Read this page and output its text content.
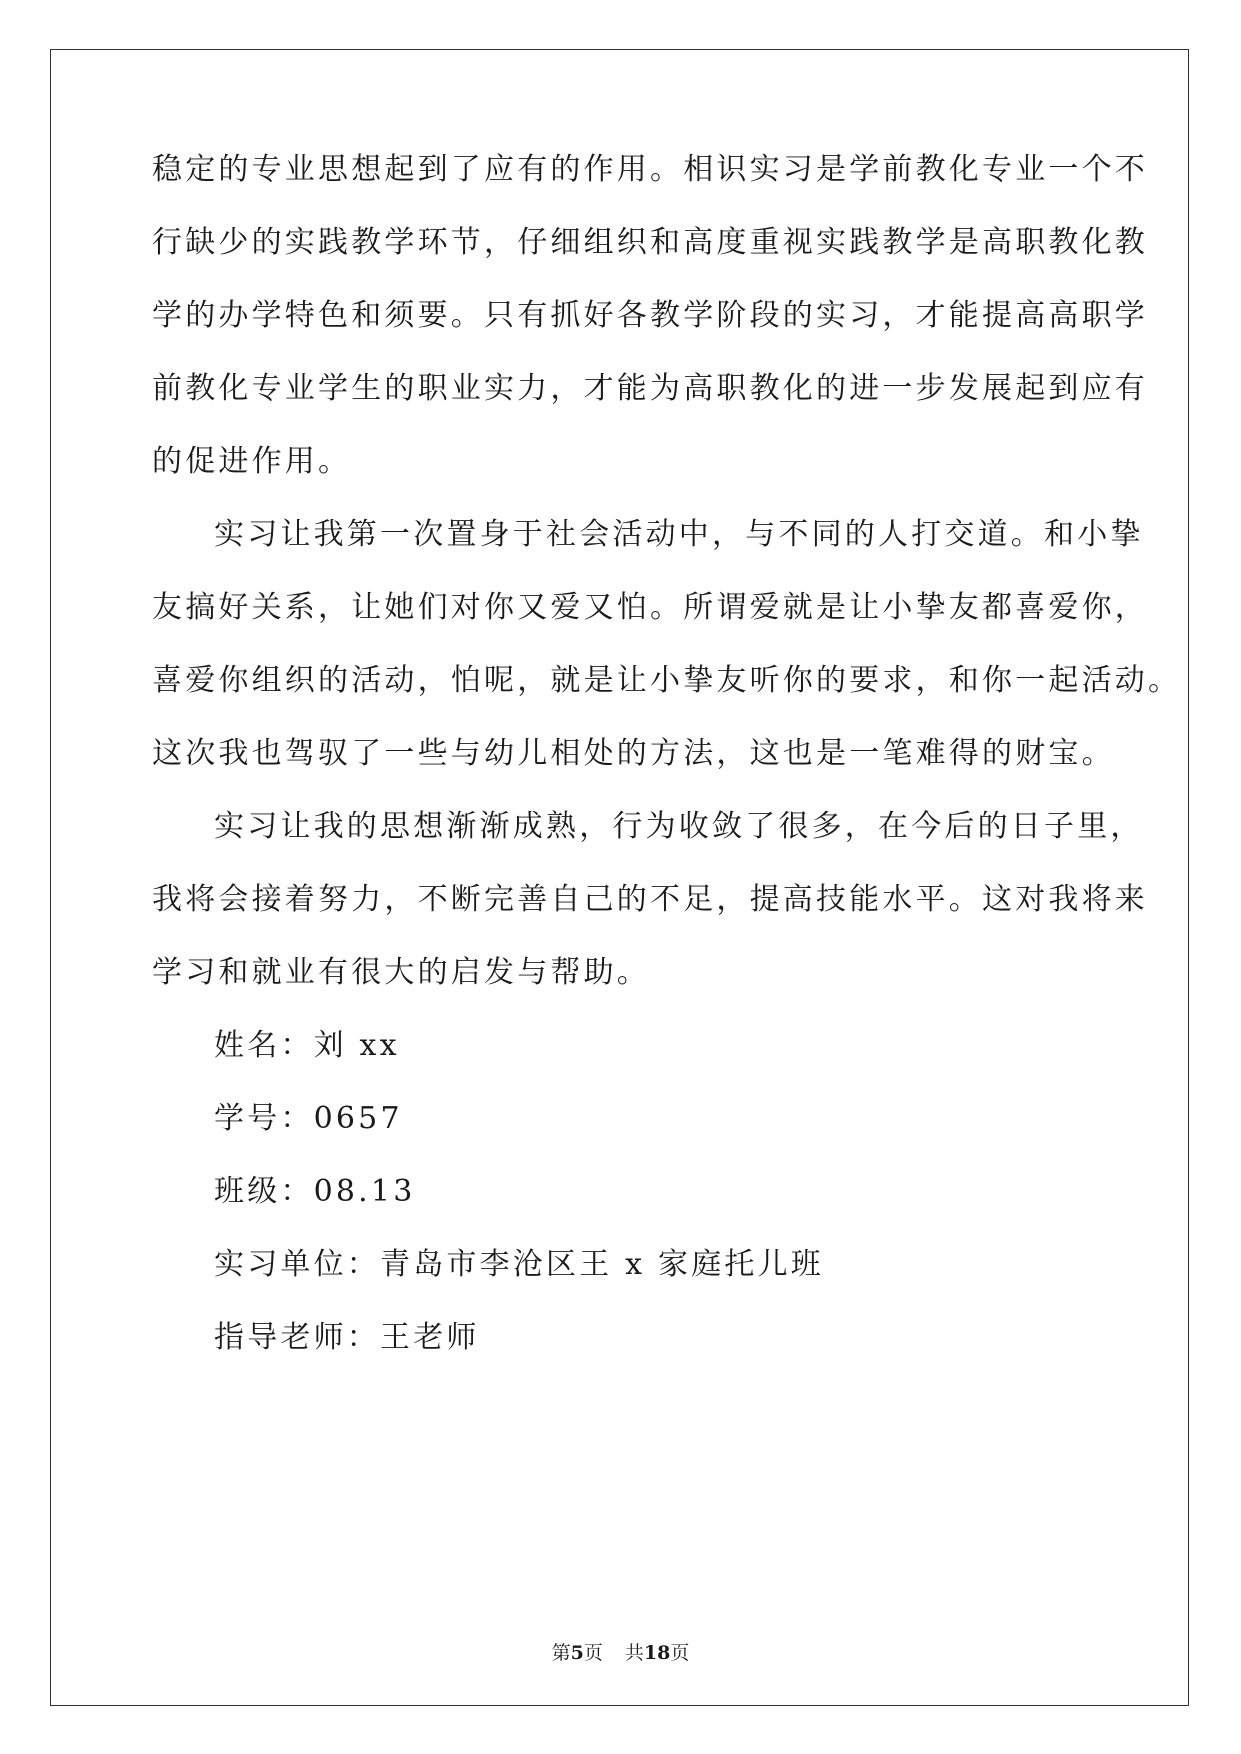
稳定的专业思想起到了应有的作用。相识实习是学前教化专业一个不
行缺少的实践教学环节，仔细组织和高度重视实践教学是高职教化教
学的办学特色和须要。只有抓好各教学阶段的实习，才能提高高职学
前教化专业学生的职业实力，才能为高职教化的进一步发展起到应有
的促进作用。
实习让我第一次置身于社会活动中，与不同的人打交道。和小挚
友搞好关系，让她们对你又爱又怕。所谓爱就是让小挚友都喜爱你，
喜爱你组织的活动，怕呢，就是让小挚友听你的要求，和你一起活动。
这次我也驾驭了一些与幼儿相处的方法，这也是一笔难得的财宝。
实习让我的思想渐渐成熟，行为收敛了很多，在今后的日子里，
我将会接着努力，不断完善自己的不足，提高技能水平。这对我将来
学习和就业有很大的启发与帮助。
姓名：刘 xx
学号：0657
班级：08.13
实习单位：青岛市李沧区王 x 家庭托儿班
指导老师：王老师
第5页 共18页
